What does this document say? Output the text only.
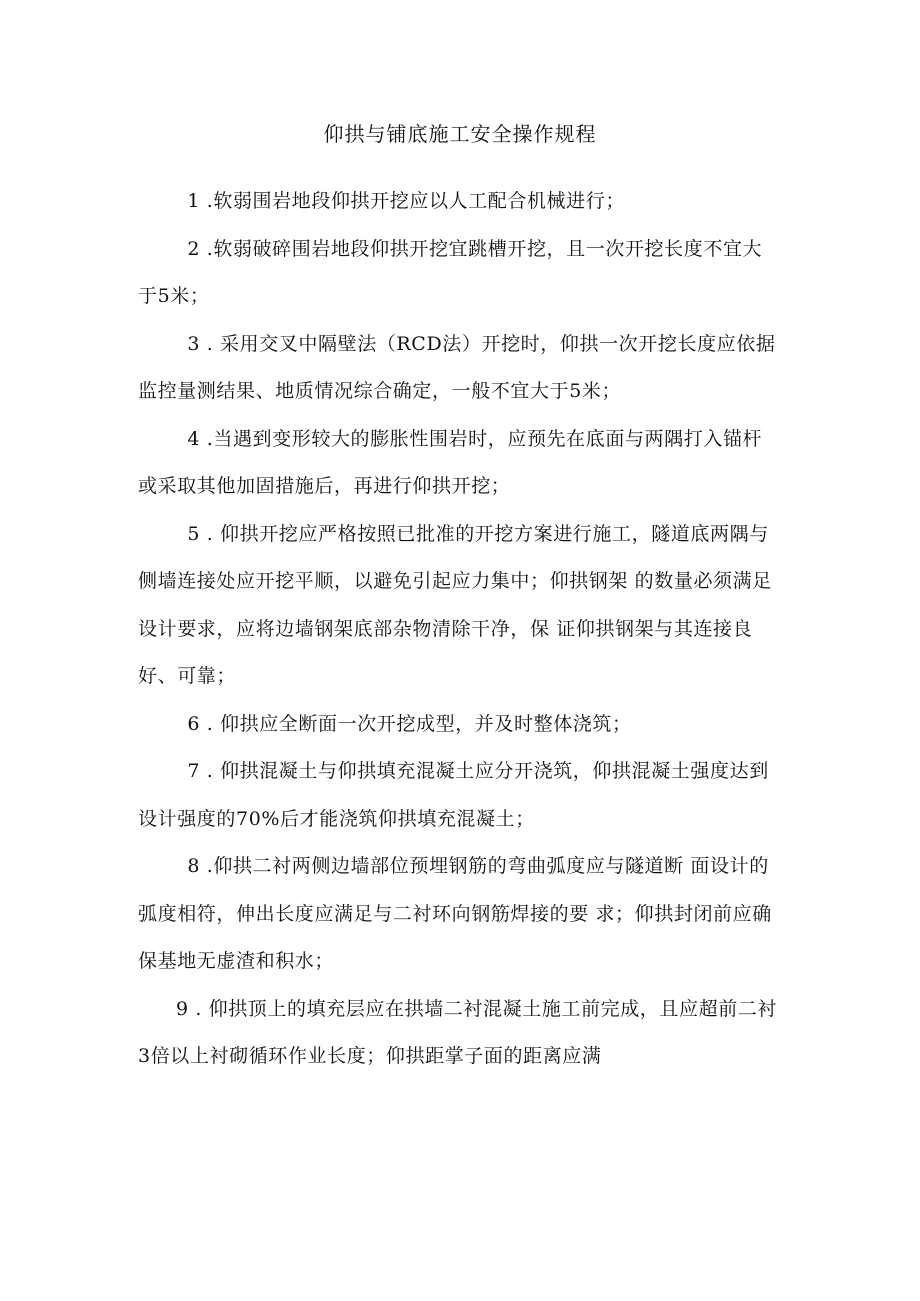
仰拱与铺底施工安全操作规程

1 .软弱围岩地段仰拱开挖应以人工配合机械进行；

2 .软弱破碎围岩地段仰拱开挖宜跳槽开挖，且一次开挖长度不宜大于5米；

3 . 采用交叉中隔壁法（RCD法）开挖时，仰拱一次开挖长度应依据监控量测结果、地质情况综合确定，一般不宜大于5米；

4 .当遇到变形较大的膨胀性围岩时，应预先在底面与两隅打入锚杆或采取其他加固措施后，再进行仰拱开挖；

5 . 仰拱开挖应严格按照已批准的开挖方案进行施工，隧道底两隅与侧墙连接处应开挖平顺，以避免引起应力集中；仰拱钢架 的数量必须满足设计要求，应将边墙钢架底部杂物清除干净，保 证仰拱钢架与其连接良好、可靠；

6 . 仰拱应全断面一次开挖成型，并及时整体浇筑；

7 . 仰拱混凝土与仰拱填充混凝土应分开浇筑，仰拱混凝土强度达到设计强度的70%后才能浇筑仰拱填充混凝土；

8 .仰拱二衬两侧边墙部位预埋钢筋的弯曲弧度应与隧道断 面设计的弧度相符，伸出长度应满足与二衬环向钢筋焊接的要 求；仰拱封闭前应确保基地无虚渣和积水；

9 . 仰拱顶上的填充层应在拱墙二衬混凝土施工前完成，且应超前二衬3倍以上衬砌循环作业长度；仰拱距掌子面的距离应满
